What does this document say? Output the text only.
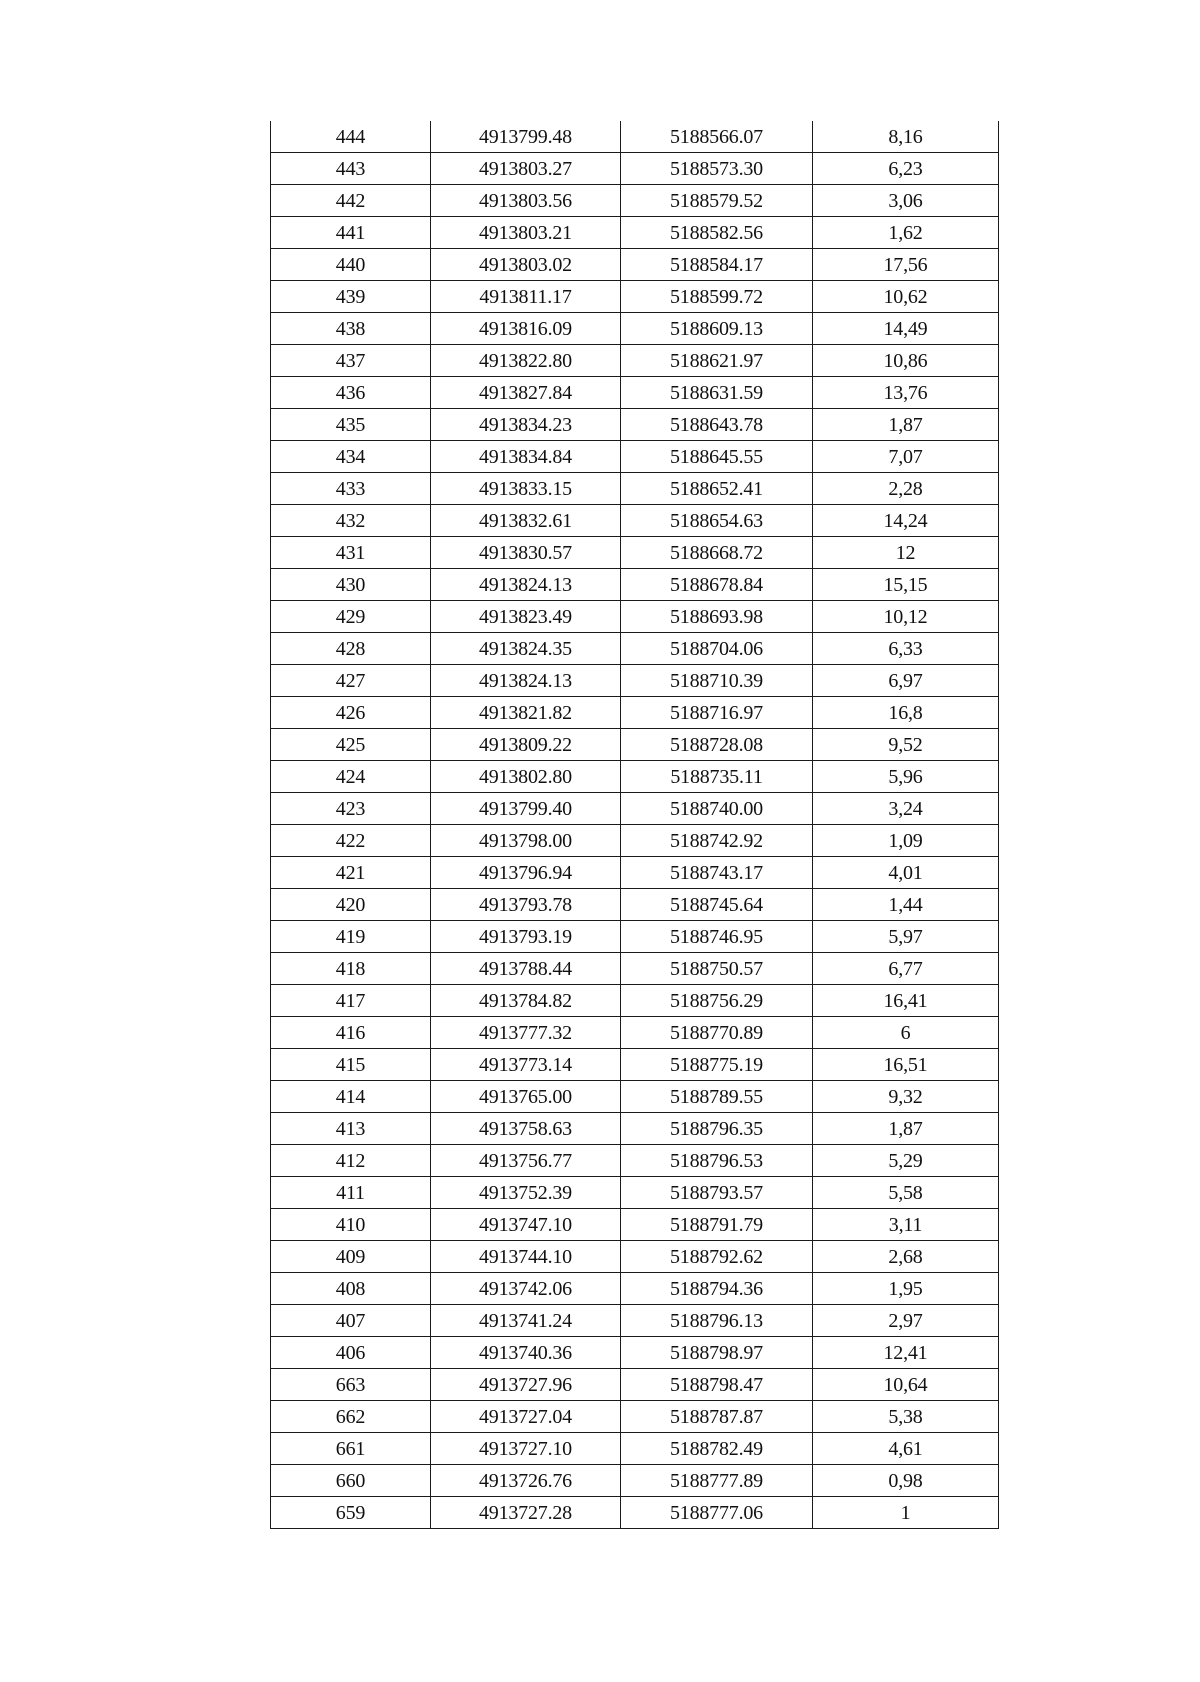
444	4913799.48	5188566.07	8,16
443	4913803.27	5188573.30	6,23
442	4913803.56	5188579.52	3,06
441	4913803.21	5188582.56	1,62
440	4913803.02	5188584.17	17,56
439	4913811.17	5188599.72	10,62
438	4913816.09	5188609.13	14,49
437	4913822.80	5188621.97	10,86
436	4913827.84	5188631.59	13,76
435	4913834.23	5188643.78	1,87
434	4913834.84	5188645.55	7,07
433	4913833.15	5188652.41	2,28
432	4913832.61	5188654.63	14,24
431	4913830.57	5188668.72	12
430	4913824.13	5188678.84	15,15
429	4913823.49	5188693.98	10,12
428	4913824.35	5188704.06	6,33
427	4913824.13	5188710.39	6,97
426	4913821.82	5188716.97	16,8
425	4913809.22	5188728.08	9,52
424	4913802.80	5188735.11	5,96
423	4913799.40	5188740.00	3,24
422	4913798.00	5188742.92	1,09
421	4913796.94	5188743.17	4,01
420	4913793.78	5188745.64	1,44
419	4913793.19	5188746.95	5,97
418	4913788.44	5188750.57	6,77
417	4913784.82	5188756.29	16,41
416	4913777.32	5188770.89	6
415	4913773.14	5188775.19	16,51
414	4913765.00	5188789.55	9,32
413	4913758.63	5188796.35	1,87
412	4913756.77	5188796.53	5,29
411	4913752.39	5188793.57	5,58
410	4913747.10	5188791.79	3,11
409	4913744.10	5188792.62	2,68
408	4913742.06	5188794.36	1,95
407	4913741.24	5188796.13	2,97
406	4913740.36	5188798.97	12,41
663	4913727.96	5188798.47	10,64
662	4913727.04	5188787.87	5,38
661	4913727.10	5188782.49	4,61
660	4913726.76	5188777.89	0,98
659	4913727.28	5188777.06	1
